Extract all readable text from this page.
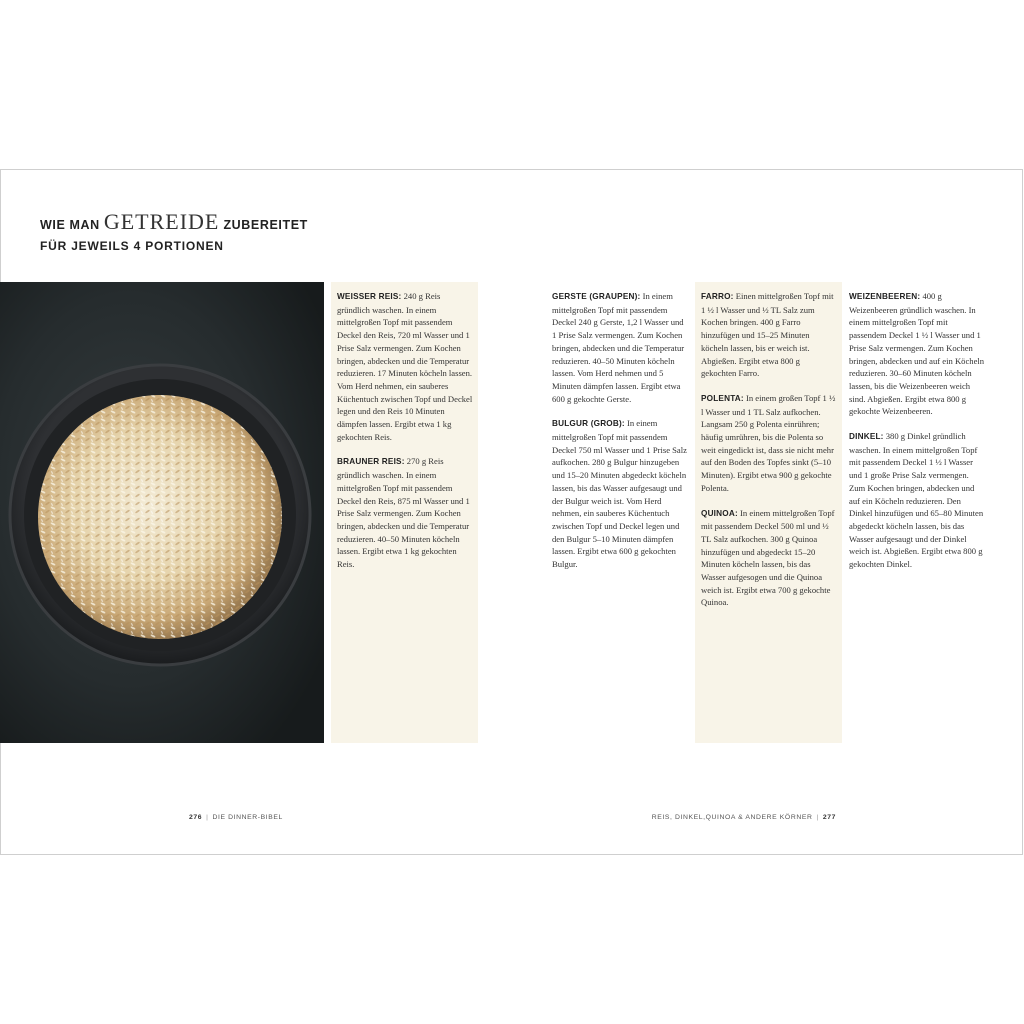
WIE MAN GETREIDE ZUBEREITET
FÜR JEWEILS 4 PORTIONEN

WEISSER REIS: 240 g Reis gründlich waschen. In einem mittelgroßen Topf mit passendem Deckel den Reis, 720 ml Wasser und 1 Prise Salz vermengen. Zum Kochen bringen, abdecken und die Temperatur reduzieren. 17 Minuten köcheln lassen. Vom Herd nehmen, ein sauberes Küchentuch zwischen Topf und Deckel legen und den Reis 10 Minuten dämpfen lassen. Ergibt etwa 1 kg gekochten Reis.

BRAUNER REIS: 270 g Reis gründlich waschen. In einem mittelgroßen Topf mit passendem Deckel den Reis, 875 ml Wasser und 1 Prise Salz vermengen. Zum Kochen bringen, abdecken und die Temperatur reduzieren. 40–50 Minuten köcheln lassen. Ergibt etwa 1 kg gekochten Reis.

GERSTE (GRAUPEN): In einem mittelgroßen Topf mit passendem Deckel 240 g Gerste, 1,2 l Wasser und 1 Prise Salz vermengen. Zum Kochen bringen, abdecken und die Temperatur reduzieren. 40–50 Minuten köcheln lassen. Vom Herd nehmen und 5 Minuten dämpfen lassen. Ergibt etwa 600 g gekochte Gerste.

BULGUR (GROB): In einem mittelgroßen Topf mit passendem Deckel 750 ml Wasser und 1 Prise Salz aufkochen. 280 g Bulgur hinzugeben und 15–20 Minuten abgedeckt köcheln lassen, bis das Wasser aufgesaugt und der Bulgur weich ist. Vom Herd nehmen, ein sauberes Küchentuch zwischen Topf und Deckel legen und den Bulgur 5–10 Minuten dämpfen lassen. Ergibt etwa 600 g gekochten Bulgur.

FARRO: Einen mittelgroßen Topf mit 1 ½ l Wasser und ½ TL Salz zum Kochen bringen. 400 g Farro hinzufügen und 15–25 Minuten köcheln lassen, bis er weich ist. Abgießen. Ergibt etwa 800 g gekochten Farro.

POLENTA: In einem großen Topf 1 ½ l Wasser und 1 TL Salz aufkochen. Langsam 250 g Polenta einrühren; häufig umrühren, bis die Polenta so weit eingedickt ist, dass sie nicht mehr auf den Boden des Topfes sinkt (5–10 Minuten). Ergibt etwa 900 g gekochte Polenta.

QUINOA: In einem mittelgroßen Topf mit passendem Deckel 500 ml und ½ TL Salz aufkochen. 300 g Quinoa hinzufügen und abgedeckt 15–20 Minuten köcheln lassen, bis das Wasser aufgesogen und die Quinoa weich ist. Ergibt etwa 700 g gekochte Quinoa.

WEIZENBEEREN: 400 g Weizenbeeren gründlich waschen. In einem mittelgroßen Topf mit passendem Deckel 1 ½ l Wasser und 1 Prise Salz vermengen. Zum Kochen bringen, abdecken und auf ein Köcheln reduzieren. 30–60 Minuten köcheln lassen, bis die Weizenbeeren weich sind. Abgießen. Ergibt etwa 800 g gekochte Weizenbeeren.

DINKEL: 380 g Dinkel gründlich waschen. In einem mittelgroßen Topf mit passendem Deckel 1 ½ l Wasser und 1 große Prise Salz vermengen. Zum Kochen bringen, abdecken und auf ein Köcheln reduzieren. Den Dinkel hinzufügen und 65–80 Minuten abgedeckt köcheln lassen, bis das Wasser aufgesaugt und der Dinkel weich ist. Abgießen. Ergibt etwa 800 g gekochten Dinkel.

276 | DIE DINNER-BIBEL	REIS, DINKEL,QUINOA & ANDERE KÖRNER | 277
